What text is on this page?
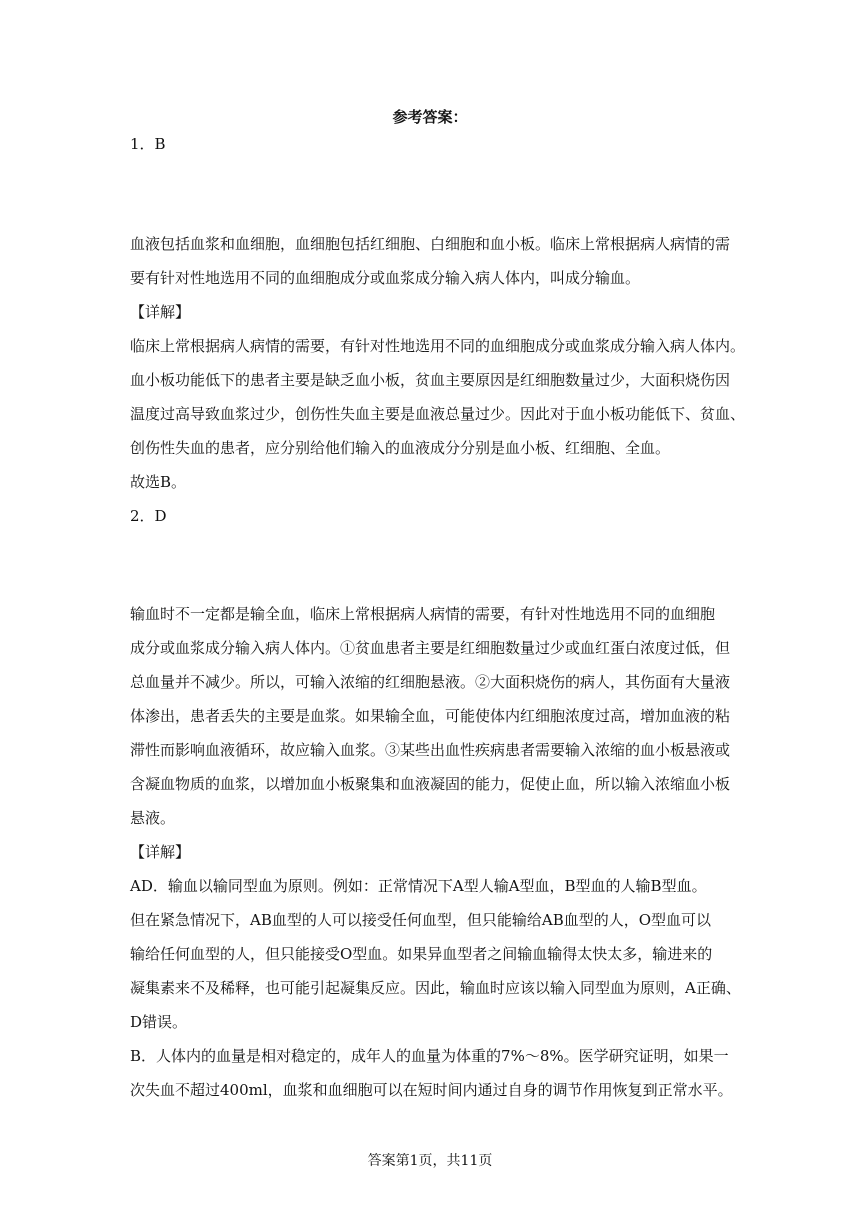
参考答案：
1．B
血液包括血浆和血细胞，血细胞包括红细胞、白细胞和血小板。临床上常根据病人病情的需
要有针对性地选用不同的血细胞成分或血浆成分输入病人体内，叫成分输血。
【详解】
临床上常根据病人病情的需要，有针对性地选用不同的血细胞成分或血浆成分输入病人体内。
血小板功能低下的患者主要是缺乏血小板，贫血主要原因是红细胞数量过少，大面积烧伤因
温度过高导致血浆过少，创伤性失血主要是血液总量过少。因此对于血小板功能低下、贫血、
创伤性失血的患者，应分别给他们输入的血液成分分别是血小板、红细胞、全血。
故选B。
2．D
输血时不一定都是输全血，临床上常根据病人病情的需要，有针对性地选用不同的血细胞
成分或血浆成分输入病人体内。①贫血患者主要是红细胞数量过少或血红蛋白浓度过低，但
总血量并不减少。所以，可输入浓缩的红细胞悬液。②大面积烧伤的病人，其伤面有大量液
体渗出，患者丢失的主要是血浆。如果输全血，可能使体内红细胞浓度过高，增加血液的粘
滞性而影响血液循环，故应输入血浆。③某些出血性疾病患者需要输入浓缩的血小板悬液或
含凝血物质的血浆，以增加血小板聚集和血液凝固的能力，促使止血，所以输入浓缩血小板
悬液。
【详解】
AD．输血以输同型血为原则。例如：正常情况下A型人输A型血，B型血的人输B型血。
但在紧急情况下，AB血型的人可以接受任何血型，但只能输给AB血型的人，O型血可以
输给任何血型的人，但只能接受O型血。如果异血型者之间输血输得太快太多，输进来的
凝集素来不及稀释，也可能引起凝集反应。因此，输血时应该以输入同型血为原则，A正确、
D错误。
B．人体内的血量是相对稳定的，成年人的血量为体重的7%～8%。医学研究证明，如果一
次失血不超过400ml，血浆和血细胞可以在短时间内通过自身的调节作用恢复到正常水平。
答案第1页，共11页
